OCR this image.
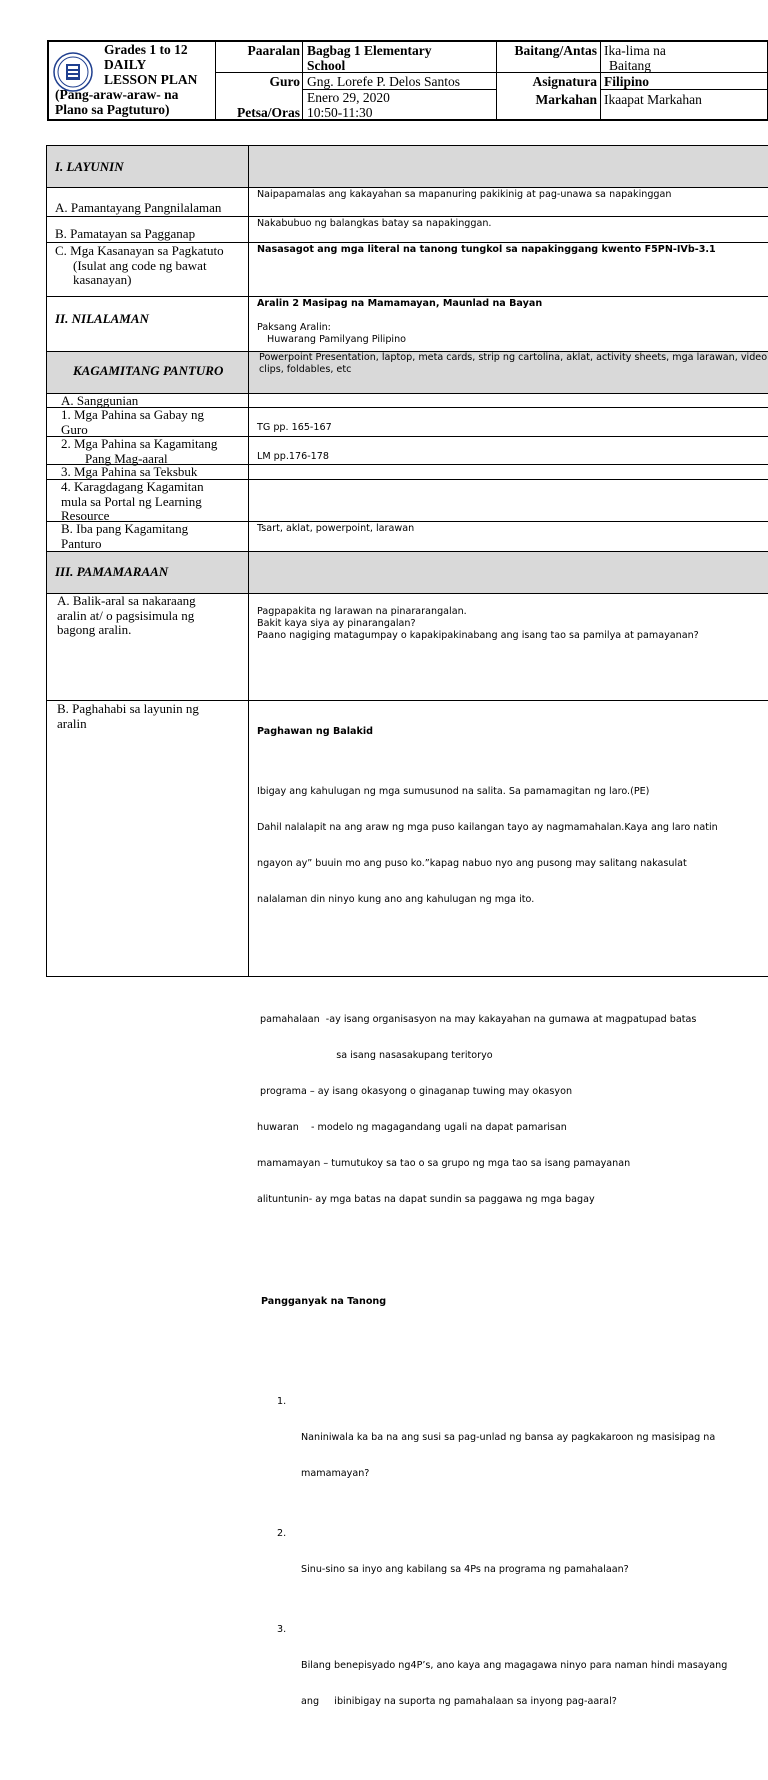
Grades 1 to 12
DAILY
LESSON PLAN
(Pang-araw-araw- na
Plano sa Pagtuturo)
Paaralan Bagbag 1 Elementary
School
Guro Gng. Lorefe P. Delos Santos
Petsa/Oras
Enero 29, 2020
10:50-11:30
Baitang/Antas Ika-lima na
Baitang
Asignatura Filipino
Markahan Ikaapat Markahan
I. LAYUNIN
A. Pamantayang Pangnilalaman
Naipapamalas ang kakayahan sa mapanuring pakikinig at pag-unawa sa napakinggan
B. Pamatayan sa Pagganap
Nakabubuo ng balangkas batay sa napakinggan.
C. Mga Kasanayan sa Pagkatuto
(Isulat ang code ng bawat
kasanayan)
Nasasagot ang mga literal na tanong tungkol sa napakinggang kwento F5PN-IVb-3.1
II. NILALAMAN
Aralin 2 Masipag na Mamamayan, Maunlad na Bayan
Paksang Aralin:
Huwarang Pamilyang Pilipino
KAGAMITANG PANTURO
Powerpoint Presentation, laptop, meta cards, strip ng cartolina, aklat, activity sheets, mga larawan, video clips, foldables, etc
A. Sanggunian
1. Mga Pahina sa Gabay ng
Guro	TG pp. 165-167
2. Mga Pahina sa Kagamitang
Pang Mag-aaral	LM pp.176-178
3. Mga Pahina sa Teksbuk
4. Karagdagang Kagamitan
mula sa Portal ng Learning
Resource
B. Iba pang Kagamitang
Panturo
Tsart, aklat, powerpoint, larawan
III. PAMAMARAAN
A. Balik-aral sa nakaraang
aralin at/ o pagsisimula ng
bagong aralin.
Pagpapakita ng larawan na pinararangalan.
Bakit kaya siya ay pinarangalan?
Paano nagiging matagumpay o kapakipakinabang ang isang tao sa pamilya at pamayanan?
B. Paghahabi sa layunin ng
aralin

Paghawan ng Balakid

Ibigay ang kahulugan ng mga sumusunod na salita. Sa pamamagitan ng laro.(PE)

Dahil nalalapit na ang araw ng mga puso kailangan tayo ay nagmamahalan.Kaya ang laro natin

ngayon ay” buuin mo ang puso ko.”kapag nabuo nyo ang pusong may salitang nakasulat

nalalaman din ninyo kung ano ang kahulugan ng mga ito.

pamahalaan  -ay isang organisasyon na may kakayahan na gumawa at magpatupad batas

sa isang nasasakupang teritoryo

programa – ay isang okasyong o ginaganap tuwing may okasyon

huwaran    - modelo ng magagandang ugali na dapat pamarisan

mamamayan – tumutukoy sa tao o sa grupo ng mga tao sa isang pamayanan

alituntunin- ay mga batas na dapat sundin sa paggawa ng mga bagay

Pangganyak na Tanong

1.

Naniniwala ka ba na ang susi sa pag-unlad ng bansa ay pagkakaroon ng masisipag na

mamamayan?

2.

Sinu-sino sa inyo ang kabilang sa 4Ps na programa ng pamahalaan?

3.

Bilang benepisyado ng4P’s, ano kaya ang magagawa ninyo para naman hindi masayang

ang     ibinibigay na suporta ng pamahalaan sa inyong pag-aaral?
